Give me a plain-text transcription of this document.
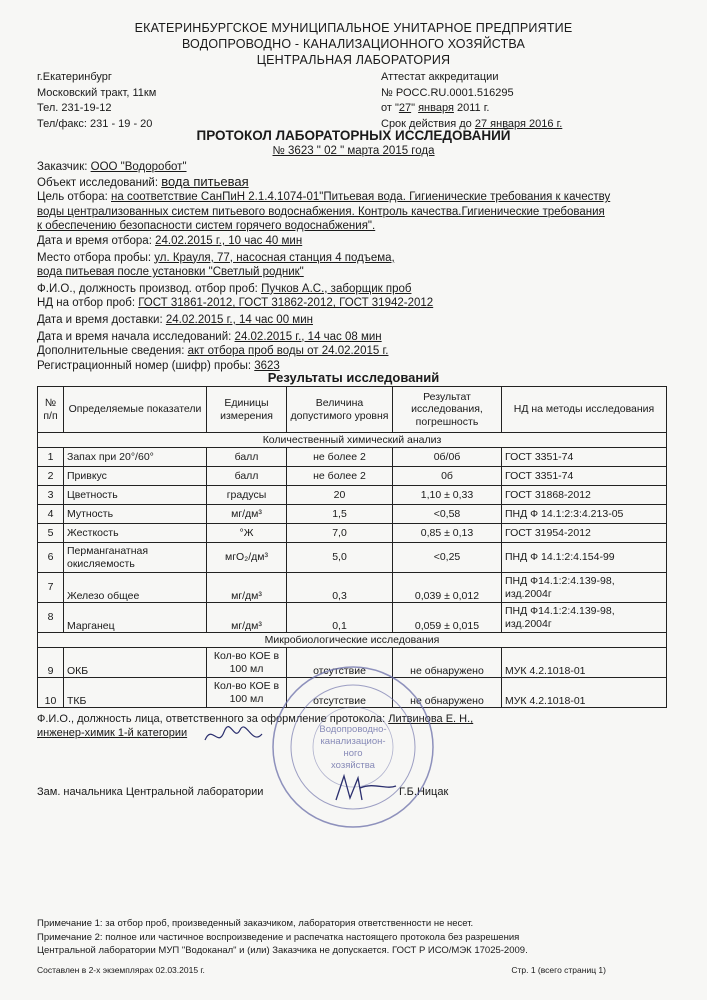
ЕКАТЕРИНБУРГСКОЕ МУНИЦИПАЛЬНОЕ УНИТАРНОЕ ПРЕДПРИЯТИЕ
ВОДОПРОВОДНО - КАНАЛИЗАЦИОННОГО ХОЗЯЙСТВА
ЦЕНТРАЛЬНАЯ ЛАБОРАТОРИЯ
г.Екатеринбург
Московский тракт, 11км
Тел. 231-19-12
Тел/факс: 231 - 19 - 20
Аттестат аккредитации
№ РОСС.RU.0001.516295
от "27" января 2011 г.
Срок действия до 27 января 2016 г.
ПРОТОКОЛ ЛАБОРАТОРНЫХ ИССЛЕДОВАНИЙ
№ 3623 " 02 " марта 2015 года
Заказчик: ООО "Водоробот"
Объект исследований: вода питьевая
Цель отбора: на соответствие СанПиН 2.1.4.1074-01"Питьевая вода. Гигиенические требования к качеству
воды централизованных систем питьевого водоснабжения. Контроль качества.Гигиенические требования
к обеспечению безопасности систем горячего водоснабжения".
Дата и время отбора: 24.02.2015 г., 10 час 40 мин
Место отбора пробы: ул. Крауля, 77, насосная станция 4 подъема,
вода питьевая после установки "Светлый родник"
Ф.И.О., должность производ. отбор проб: Пучков А.С., заборщик проб
НД на отбор проб: ГОСТ 31861-2012, ГОСТ 31862-2012, ГОСТ 31942-2012
Дата и время доставки: 24.02.2015 г., 14 час 00 мин
Дата и время начала исследований: 24.02.2015 г., 14 час 08 мин
Дополнительные сведения: акт отбора проб воды от 24.02.2015 г.
Регистрационный номер (шифр) пробы: 3623
Результаты исследований
№ п/п	Определяемые показатели	Единицы измерения	Величина допустимого уровня	Результат исследования, погрешность	НД на методы исследования
Количественный химический анализ					
1	Запах при 20°/60°	балл	не более 2	0б/0б	ГОСТ 3351-74
2	Привкус	балл	не более 2	0б	ГОСТ 3351-74
3	Цветность	градусы	20	1,10 ± 0,33	ГОСТ 31868-2012
4	Мутность	мг/дм³	1,5	<0,58	ПНД Ф 14.1:2:3:4.213-05
5	Жесткость	°Ж	7,0	0,85 ± 0,13	ГОСТ 31954-2012
6	Перманганатная
окисляемость	мгO₂/дм³	5,0	<0,25	ПНД Ф 14.1:2:4.154-99
7	Железо общее	мг/дм³	0,3	0,039 ± 0,012	ПНД Ф14.1:2:4.139-98,
изд.2004г

8	Марганец	мг/дм³	0,1	0,059 ± 0,015	ПНД Ф14.1:2:4.139-98,
изд.2004г

Микробиологические исследования					
9	ОКБ	Кол-во КОЕ в
100 мл	отсутствие	не обнаружено	МУК 4.2.1018-01
10	ТКБ	Кол-во КОЕ в
100 мл	отсутствие	не обнаружено	МУК 4.2.1018-01
Ф.И.О., должность лица, ответственного за оформление протокола: Литвинова Е. Н.,
инженер-химик 1-й категории
Зам. начальника Центральной лаборатории	Г.Б.Ницак
Водопроводно-
канализацион-
ного
хозяйства
Примечание 1: за отбор проб, произведенный заказчиком, лаборатория ответственности не несет.
Примечание 2: полное или частичное воспроизведение и распечатка настоящего протокола без разрешения
Центральной лаборатории МУП "Водоканал" и (или) Заказчика не допускается. ГОСТ Р ИСО/МЭК 17025-2009.
Составлен в 2-х экземплярах 02.03.2015 г.	Стр. 1 (всего страниц 1)
